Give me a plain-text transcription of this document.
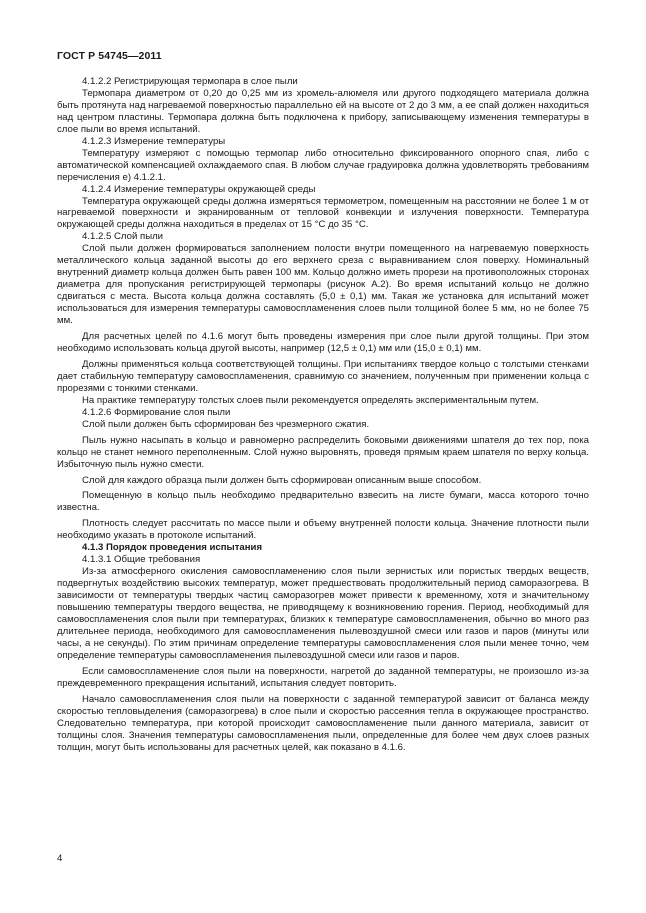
ГОСТ Р 54745—2011

4.1.2.2 Регистрирующая термопара в слое пыли

Термопара диаметром от 0,20 до 0,25 мм из хромель-алюмеля или другого подходящего материала должна быть протянута над нагреваемой поверхностью параллельно ей на высоте от 2 до 3 мм, а ее спай должен находиться над центром пластины. Термопара должна быть подключена к прибору, записывающему изменения температуры в слое пыли во время испытаний.

4.1.2.3 Измерение температуры

Температуру измеряют с помощью термопар либо относительно фиксированного опорного спая, либо с автоматической компенсацией охлаждаемого спая. В любом случае градуировка должна удовлетворять требованиям перечисления е) 4.1.2.1.

4.1.2.4 Измерение температуры окружающей среды

Температура окружающей среды должна измеряться термометром, помещенным на расстоянии не более 1 м от нагреваемой поверхности и экранированным от тепловой конвекции и излучения поверхности. Температура окружающей среды должна находиться в пределах от 15 °С до 35 °С.

4.1.2.5 Слой пыли

Слой пыли должен формироваться заполнением полости внутри помещенного на нагреваемую поверхность металлического кольца заданной высоты до его верхнего среза с выравниванием слоя поверху. Номинальный внутренний диаметр кольца должен быть равен 100 мм. Кольцо должно иметь прорези на противоположных сторонах диаметра для пропускания регистрирующей термопары (рисунок А.2). Во время испытаний кольцо не должно сдвигаться с места. Высота кольца должна составлять (5,0 ± 0,1) мм. Такая же установка для испытаний может использоваться для измерения температуры самовоспламенения слоев пыли толщиной более 5 мм, но не более 75 мм.

Для расчетных целей по 4.1.6 могут быть проведены измерения при слое пыли другой толщины. При этом необходимо использовать кольца другой высоты, например (12,5 ± 0,1) мм или (15,0 ± 0,1) мм.

Должны применяться кольца соответствующей толщины. При испытаниях твердое кольцо с толстыми стенками дает стабильную температуру самовоспламенения, сравнимую со значением, полученным при применении кольца с прорезями с тонкими стенками.

На практике температуру толстых слоев пыли рекомендуется определять экспериментальным путем.

4.1.2.6 Формирование слоя пыли

Слой пыли должен быть сформирован без чрезмерного сжатия.

Пыль нужно насыпать в кольцо и равномерно распределить боковыми движениями шпателя до тех пор, пока кольцо не станет немного переполненным. Слой нужно выровнять, проведя прямым краем шпателя по верху кольца. Избыточную пыль нужно смести.

Слой для каждого образца пыли должен быть сформирован описанным выше способом.

Помещенную в кольцо пыль необходимо предварительно взвесить на листе бумаги, масса которого точно известна.

Плотность следует рассчитать по массе пыли и объему внутренней полости кольца. Значение плотности пыли необходимо указать в протоколе испытаний.

4.1.3 Порядок проведения испытания

4.1.3.1 Общие требования

Из-за атмосферного окисления самовоспламенению слоя пыли зернистых или пористых твердых веществ, подвергнутых воздействию высоких температур, может предшествовать продолжительный период саморазогрева. В зависимости от температуры твердых частиц саморазогрев может привести к временному, хотя и значительному повышению температуры твердого вещества, не приводящему к возникновению горения. Период, необходимый для самовоспламенения слоя пыли при температурах, близких к температуре самовоспламенения, обычно во много раз длительнее периода, необходимого для самовоспламенения пылевоздушной смеси или газов и паров (минуты или часы, а не секунды). По этим причинам определение температуры самовоспламенения слоя пыли менее точно, чем определение температуры самовоспламенения пылевоздушной смеси или газов и паров.

Если самовоспламенение слоя пыли на поверхности, нагретой до заданной температуры, не произошло из-за преждевременного прекращения испытаний, испытания следует повторить.

Начало самовоспламенения слоя пыли на поверхности с заданной температурой зависит от баланса между скоростью тепловыделения (саморазогрева) в слое пыли и скоростью рассеяния тепла в окружающее пространство. Следовательно температура, при которой происходит самовоспламенение пыли данного материала, зависит от толщины слоя. Значения температуры самовоспламенения пыли, определенные для более чем двух слоев разных толщин, могут быть использованы для расчетных целей, как показано в 4.1.6.

4
